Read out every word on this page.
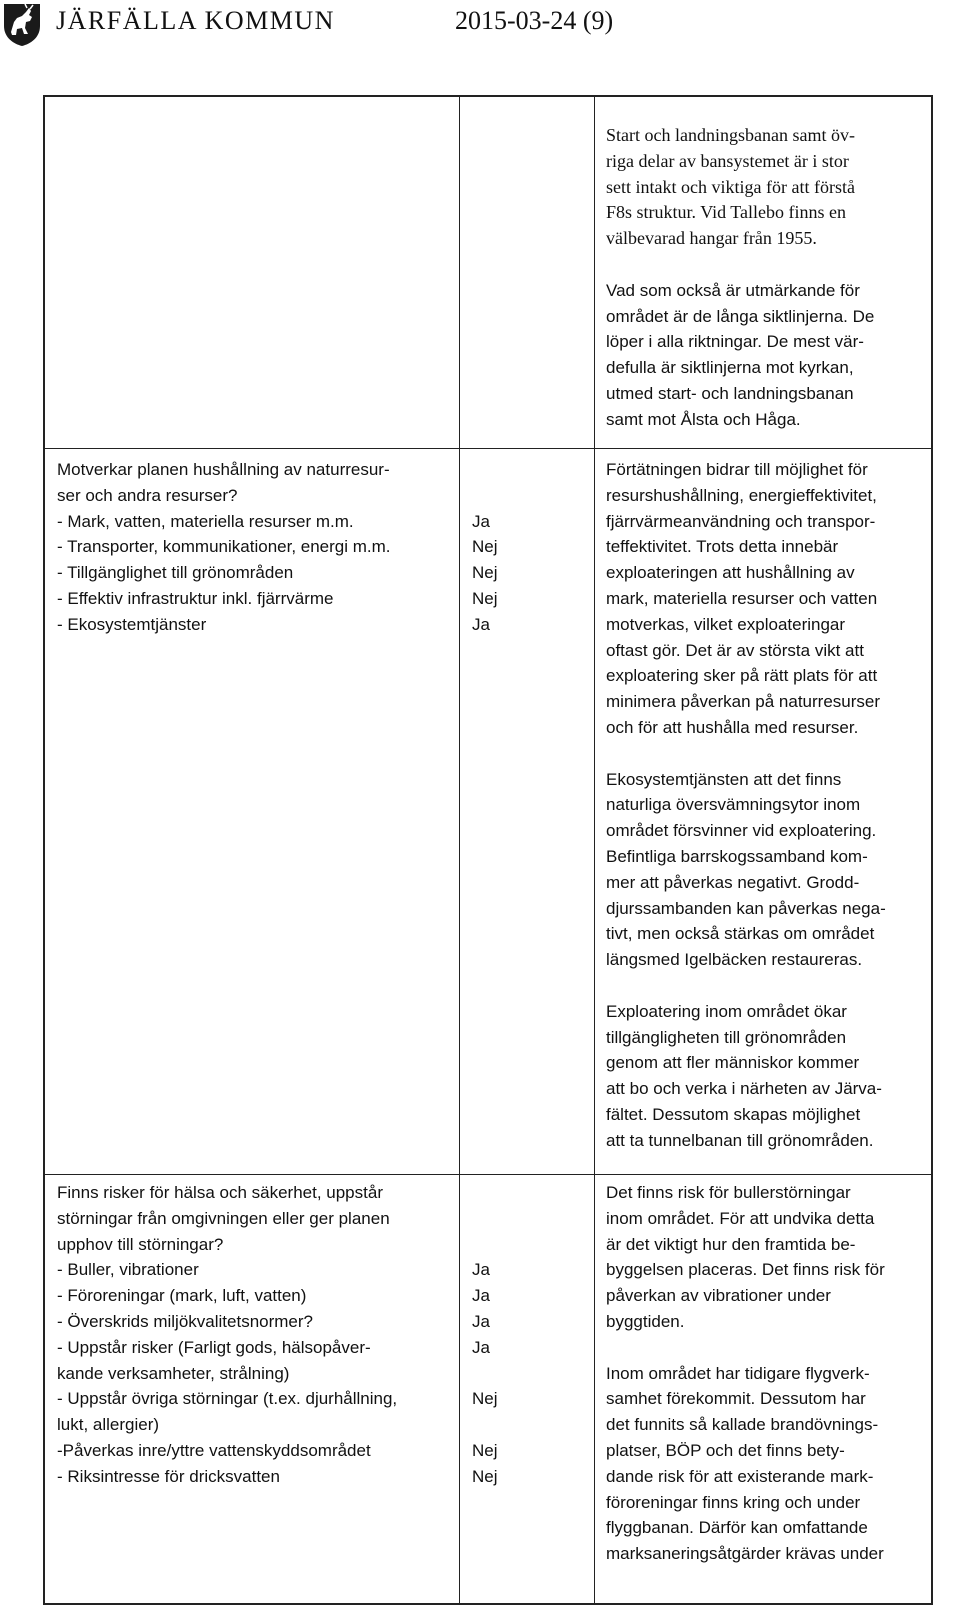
JÄRFÄLLA KOMMUN	2015-03-24 (9)

Start och landningsbanan samt öv-
riga delar av bansystemet är i stor
sett intakt och viktiga för att förstå
F8s struktur. Vid Tallebo finns en
välbevarad hangar från 1955.

Vad som också är utmärkande för
området är de långa siktlinjerna. De
löper i alla riktningar. De mest vär-
defulla är siktlinjerna mot kyrkan,
utmed start- och landningsbanan
samt mot Ålsta och Håga.

Motverkar planen hushållning av naturresur-
ser och andra resurser?
- Mark, vatten, materiella resurser m.m.
- Transporter, kommunikationer, energi m.m.
- Tillgänglighet till grönområden
- Effektiv infrastruktur inkl. fjärrvärme
- Ekosystemtjänster

Ja
Nej
Nej
Nej
Ja

Förtätningen bidrar till möjlighet för
resurshushållning, energieffektivitet,
fjärrvärmeanvändning och transpor-
teffektivitet. Trots detta innebär
exploateringen att hushållning av
mark, materiella resurser och vatten
motverkas, vilket exploateringar
oftast gör. Det är av största vikt att
exploatering sker på rätt plats för att
minimera påverkan på naturresurser
och för att hushålla med resurser.

Ekosystemtjänsten att det finns
naturliga översvämningsytor inom
området försvinner vid exploatering.
Befintliga barrskogssamband kom-
mer att påverkas negativt. Grodd-
djurssambanden kan påverkas nega-
tivt, men också stärkas om området
längsmed Igelbäcken restaureras.

Exploatering inom området ökar
tillgängligheten till grönområden
genom att fler människor kommer
att bo och verka i närheten av Järva-
fältet. Dessutom skapas möjlighet
att ta tunnelbanan till grönområden.

Finns risker för hälsa och säkerhet, uppstår
störningar från omgivningen eller ger planen
upphov till störningar?
- Buller, vibrationer
- Föroreningar (mark, luft, vatten)
- Överskrids miljökvalitetsnormer?
- Uppstår risker (Farligt gods, hälsopåver-
kande verksamheter, strålning)
- Uppstår övriga störningar (t.ex. djurhållning,
lukt, allergier)
-Påverkas inre/yttre vattenskyddsområdet
- Riksintresse för dricksvatten

Ja
Ja
Ja
Ja

Nej

Nej
Nej

Det finns risk för bullerstörningar
inom området. För att undvika detta
är det viktigt hur den framtida be-
byggelsen placeras. Det finns risk för
påverkan av vibrationer under
byggtiden.

Inom området har tidigare flygverk-
samhet förekommit. Dessutom har
det funnits så kallade brandövnings-
platser, BÖP och det finns bety-
dande risk för att existerande mark-
föroreningar finns kring och under
flyggbanan. Därför kan omfattande
marksaneringsåtgärder krävas under
